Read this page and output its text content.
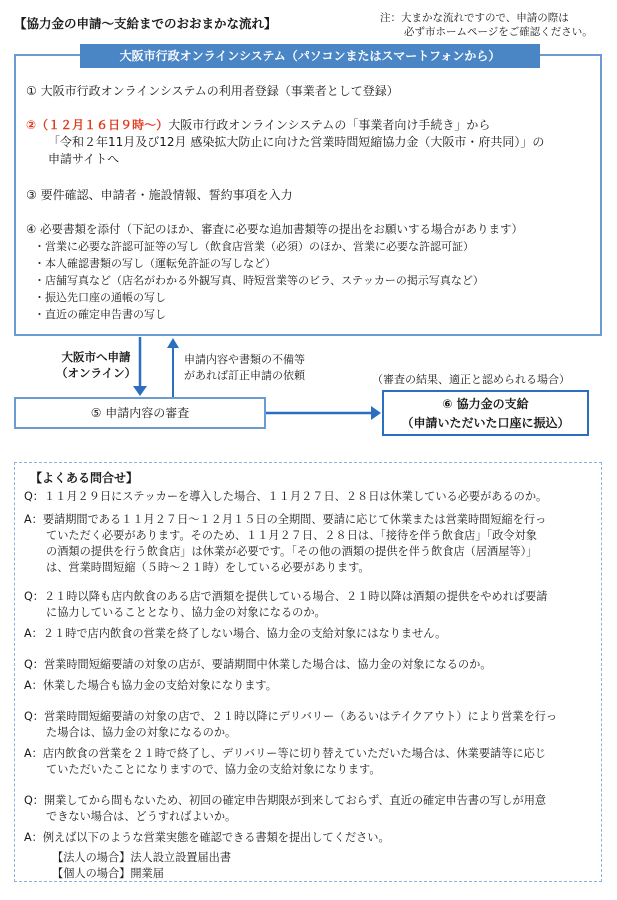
【協力金の申請～支給までのおおまかな流れ】	注：大まかな流れですので、申請の際は
必ず市ホームページをご確認ください。
大阪市行政オンラインシステム（パソコンまたはスマートフォンから）
① 大阪市行政オンラインシステムの利用者登録（事業者として登録）
②（１２月１６日９時～）大阪市行政オンラインシステムの「事業者向け手続き」から
「令和２年11月及び12月 感染拡大防止に向けた営業時間短縮協力金（大阪市・府共同）」の
申請サイトへ
③ 要件確認、申請者・施設情報、誓約事項を入力
④ 必要書類を添付（下記のほか、審査に必要な追加書類等の提出をお願いする場合があります）
・営業に必要な許認可証等の写し（飲食店営業（必須）のほか、営業に必要な許認可証）
・本人確認書類の写し（運転免許証の写しなど）
・店舗写真など（店名がわかる外観写真、時短営業等のビラ、ステッカーの掲示写真など）
・振込先口座の通帳の写し
・直近の確定申告書の写し
大阪市へ申請
（オンライン）
申請内容や書類の不備等
があれば訂正申請の依頼
⑤ 申請内容の審査
（審査の結果、適正と認められる場合）
⑥ 協力金の支給
（申請いただいた口座に振込）
【よくある問合せ】
Q：１１月２９日にステッカーを導入した場合、１１月２７日、２８日は休業している必要があるのか。
A：要請期間である１１月２７日～１２月１５日の全期間、要請に応じて休業または営業時間短縮を行っ
ていただく必要があります。そのため、１１月２７日、２８日は、「接待を伴う飲食店」「政令対象
の酒類の提供を行う飲食店」は休業が必要です。「その他の酒類の提供を伴う飲食店（居酒屋等）」
は、営業時間短縮（５時～２１時）をしている必要があります。
Q：２１時以降も店内飲食のある店で酒類を提供している場合、２１時以降は酒類の提供をやめれば要請
に協力していることとなり、協力金の対象になるのか。
A：２１時で店内飲食の営業を終了しない場合、協力金の支給対象にはなりません。
Q：営業時間短縮要請の対象の店が、要請期間中休業した場合は、協力金の対象になるのか。
A：休業した場合も協力金の支給対象になります。
Q：営業時間短縮要請の対象の店で、２１時以降にデリバリー（あるいはテイクアウト）により営業を行っ
た場合は、協力金の対象になるのか。
A：店内飲食の営業を２１時で終了し、デリバリー等に切り替えていただいた場合は、休業要請等に応じ
ていただいたことになりますので、協力金の支給対象になります。
Q：開業してから間もないため、初回の確定申告期限が到来しておらず、直近の確定申告書の写しが用意
できない場合は、どうすればよいか。
A：例えば以下のような営業実態を確認できる書類を提出してください。
【法人の場合】法人設立設置届出書
【個人の場合】開業届
